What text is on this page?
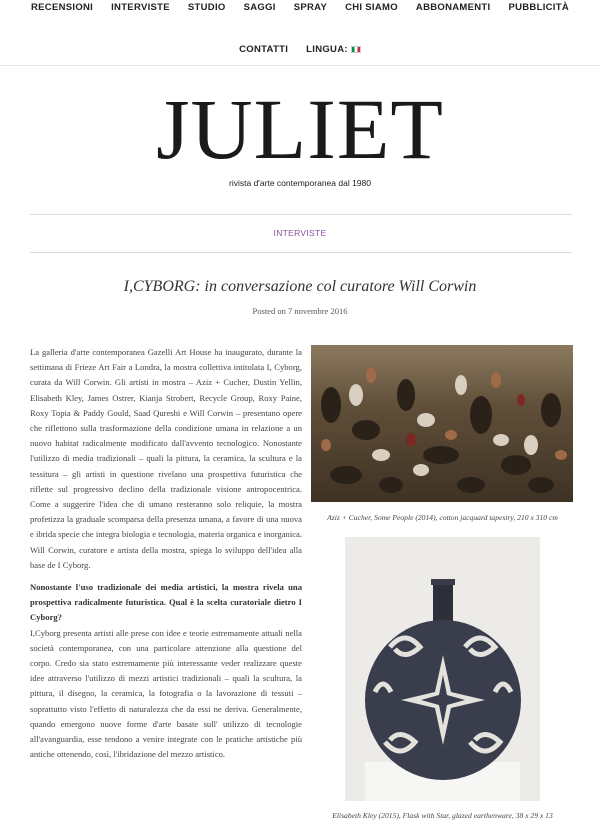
RECENSIONI INTERVISTE STUDIO SAGGI SPRAY CHI SIAMO ABBONAMENTI PUBBLICITÀ
CONTATTI LINGUA:
JULIET
rivista d'arte contemporanea dal 1980
INTERVISTE
I,CYBORG: in conversazione col curatore Will Corwin
Posted on 7 novembre 2016

La galleria d'arte contemporanea Gazelli Art House ha inaugurato, durante la settimana di Frieze Art Fair a Londra, la mostra collettiva intitolata I, Cyborg, curata da Will Corwin. Gli artisti in mostra – Aziz + Cucher, Dustin Yellin, Elisabeth Kley, James Ostrer, Kianja Strobert, Recycle Group, Roxy Paine, Roxy Topia & Paddy Gould, Saad Qureshi e Will Corwin – presentano opere che riflettono sulla trasformazione della condizione umana in relazione a un nuovo habitat radicalmente modificato dall'avvento tecnologico. Nonostante l'utilizzo di media tradizionali – quali la pittura, la ceramica, la scultura e la tessitura – gli artisti in questione rivelano una prospettiva futuristica che riflette sul progressivo declino della tradizionale visione antropocentrica. Come a suggerire l'idea che di umano resteranno solo reliquie, la mostra profetizza la graduale scomparsa della presenza umana, a favore di una nuova e ibrida specie che integra biologia e tecnologia, materia organica e inorganica. Will Corwin, curatore e artista della mostra, spiega lo sviluppo dell'idea alla base de I Cyborg.

Nonostante l'uso tradizionale dei media artistici, la mostra rivela una prospettiva radicalmente futuristica. Qual è la scelta curatoriale dietro I Cyborg?

I,Cyborg presenta artisti alle prese con idee e teorie estremamente attuali nella società contemporanea, con una particolare attenzione alla questione del corpo. Credo sia stato estremamente più interessante veder realizzare queste idee attraverso l'utilizzo di mezzi artistici tradizionali – quali la scultura, la pittura, il disegno, la ceramica, la fotografia o la lavorazione di tessuti – soprattutto visto l'effetto di naturalezza che da essi ne deriva. Generalmente, quando emergono nuove forme d'arte basate sull' utilizzo di tecnologie all'avanguardia, esse tendono a venire integrate con le pratiche artistiche più antiche ottenendo, così, l'ibridazione del mezzo artistico.

Aziz + Cucher, Some People (2014), cotton jacquard tapestry, 210 x 310 cm
Elisabeth Kley (2015), Flask with Star, glazed earthenware, 38 x 29 x 13
